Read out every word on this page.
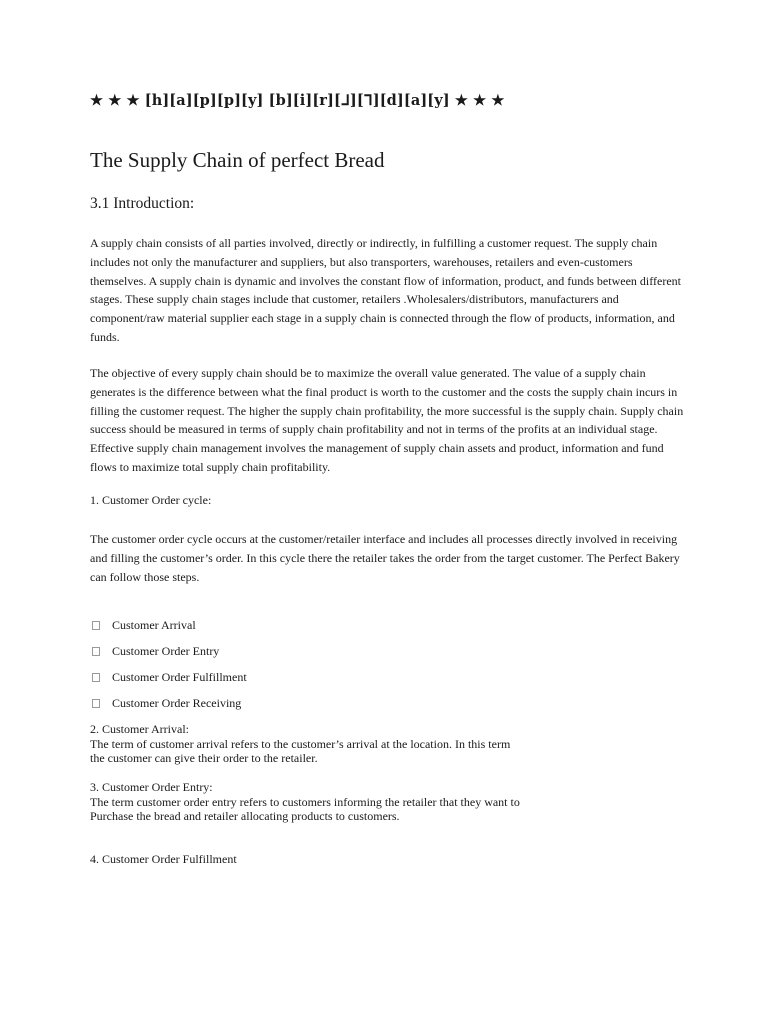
★ ★ ★ [h][a][p][p][y] [b][i][r][ᒧ][ᒣ][d][a][y] ★ ★ ★
The Supply Chain of perfect Bread
3.1 Introduction:
A supply chain consists of all parties involved, directly or indirectly, in fulfilling a customer request. The supply chain includes not only the manufacturer and suppliers, but also transporters, warehouses, retailers and even-customers themselves. A supply chain is dynamic and involves the constant flow of information, product, and funds between different stages. These supply chain stages include that customer, retailers .Wholesalers/distributors, manufacturers and component/raw material supplier each stage in a supply chain is connected through the flow of products, information, and funds.
The objective of every supply chain should be to maximize the overall value generated. The value of a supply chain generates is the difference between what the final product is worth to the customer and the costs the supply chain incurs in filling the customer request. The higher the supply chain profitability, the more successful is the supply chain. Supply chain success should be measured in terms of supply chain profitability and not in terms of the profits at an individual stage. Effective supply chain management involves the management of supply chain assets and product, information and fund flows to maximize total supply chain profitability.
1. Customer Order cycle:
The customer order cycle occurs at the customer/retailer interface and includes all processes directly involved in receiving and filling the customer’s order. In this cycle there the retailer takes the order from the target customer. The Perfect Bakery can follow those steps.
Customer Arrival
Customer Order Entry
Customer Order Fulfillment
Customer Order Receiving
2. Customer Arrival:
The term of customer arrival refers to the customer’s arrival at the location. In this term
the customer can give their order to the retailer.
3. Customer Order Entry:
The term customer order entry refers to customers informing the retailer that they want to
Purchase the bread and retailer allocating products to customers.
4. Customer Order Fulfillment
